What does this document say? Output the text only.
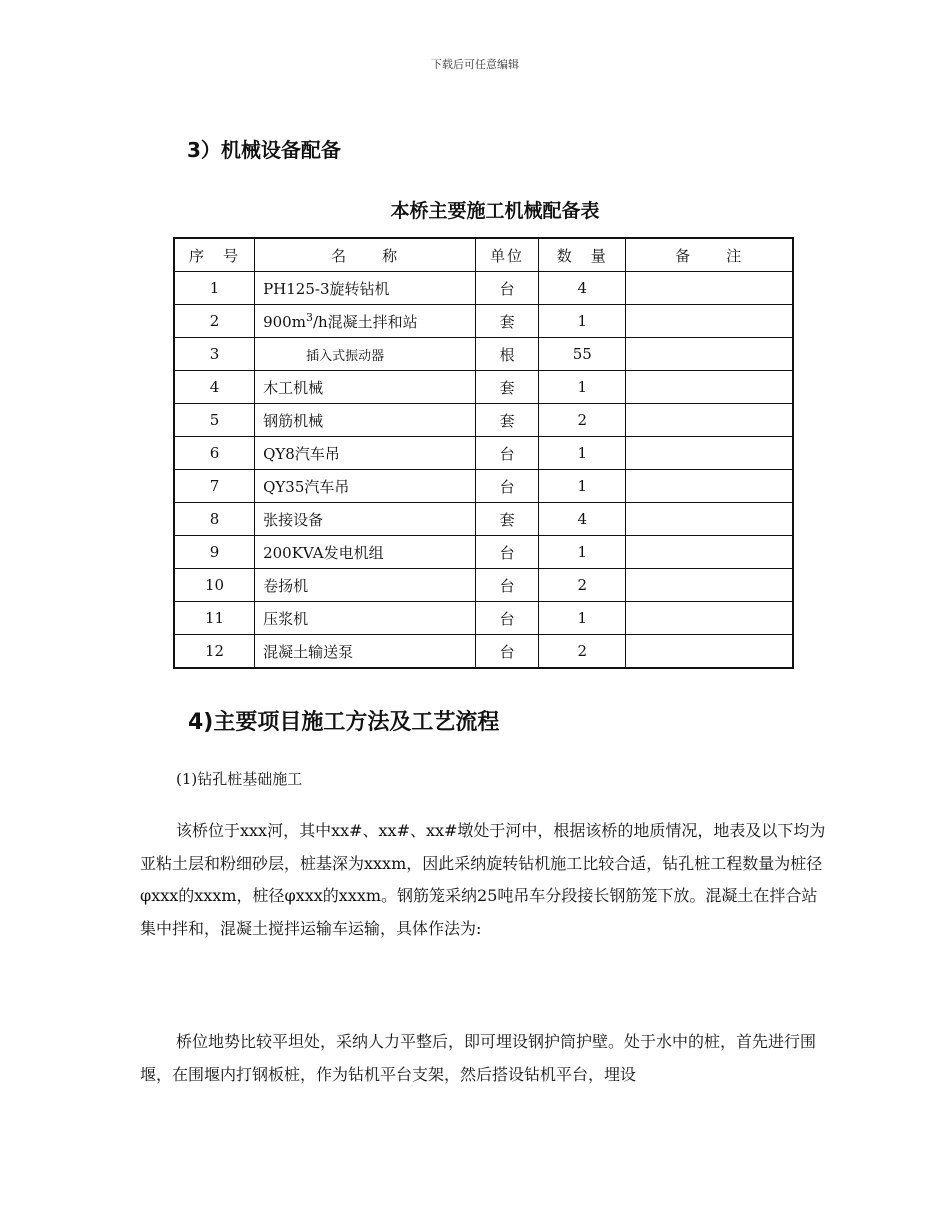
下载后可任意编辑
3）机械设备配备
本桥主要施工机械配备表
序　号	名　　称	单位	数　量	备　　注
1	PH125-3旋转钻机	台	4	
2	$900m^3/h$混凝土拌和站	套	1	
3	插入式振动器	根	55	
4	木工机械	套	1	
5	钢筋机械	套	2	
6	QY8汽车吊	台	1	
7	QY35汽车吊	台	1	
8	张接设备	套	4	
9	200KVA发电机组	台	1	
10	卷扬机	台	2	
11	压浆机	台	1	
12	混凝土输送泵	台	2	
4)主要项目施工方法及工艺流程
(1)钻孔桩基础施工

该桥位于xxx河，其中xx#、xx#、xx#墩处于河中，根据该桥的地质情况，地表及以下均为亚粘土层和粉细砂层，桩基深为xxxm，因此采纳旋转钻机施工比较合适，钻孔桩工程数量为桩径φxxx的xxxm，桩径φxxx的xxxm。钢筋笼采纳25吨吊车分段接长钢筋笼下放。混凝土在拌合站集中拌和，混凝土搅拌运输车运输，具体作法为:

桥位地势比较平坦处，采纳人力平整后，即可埋设钢护筒护壁。处于水中的桩，首先进行围堰，在围堰内打钢板桩，作为钻机平台支架，然后搭设钻机平台，埋设
